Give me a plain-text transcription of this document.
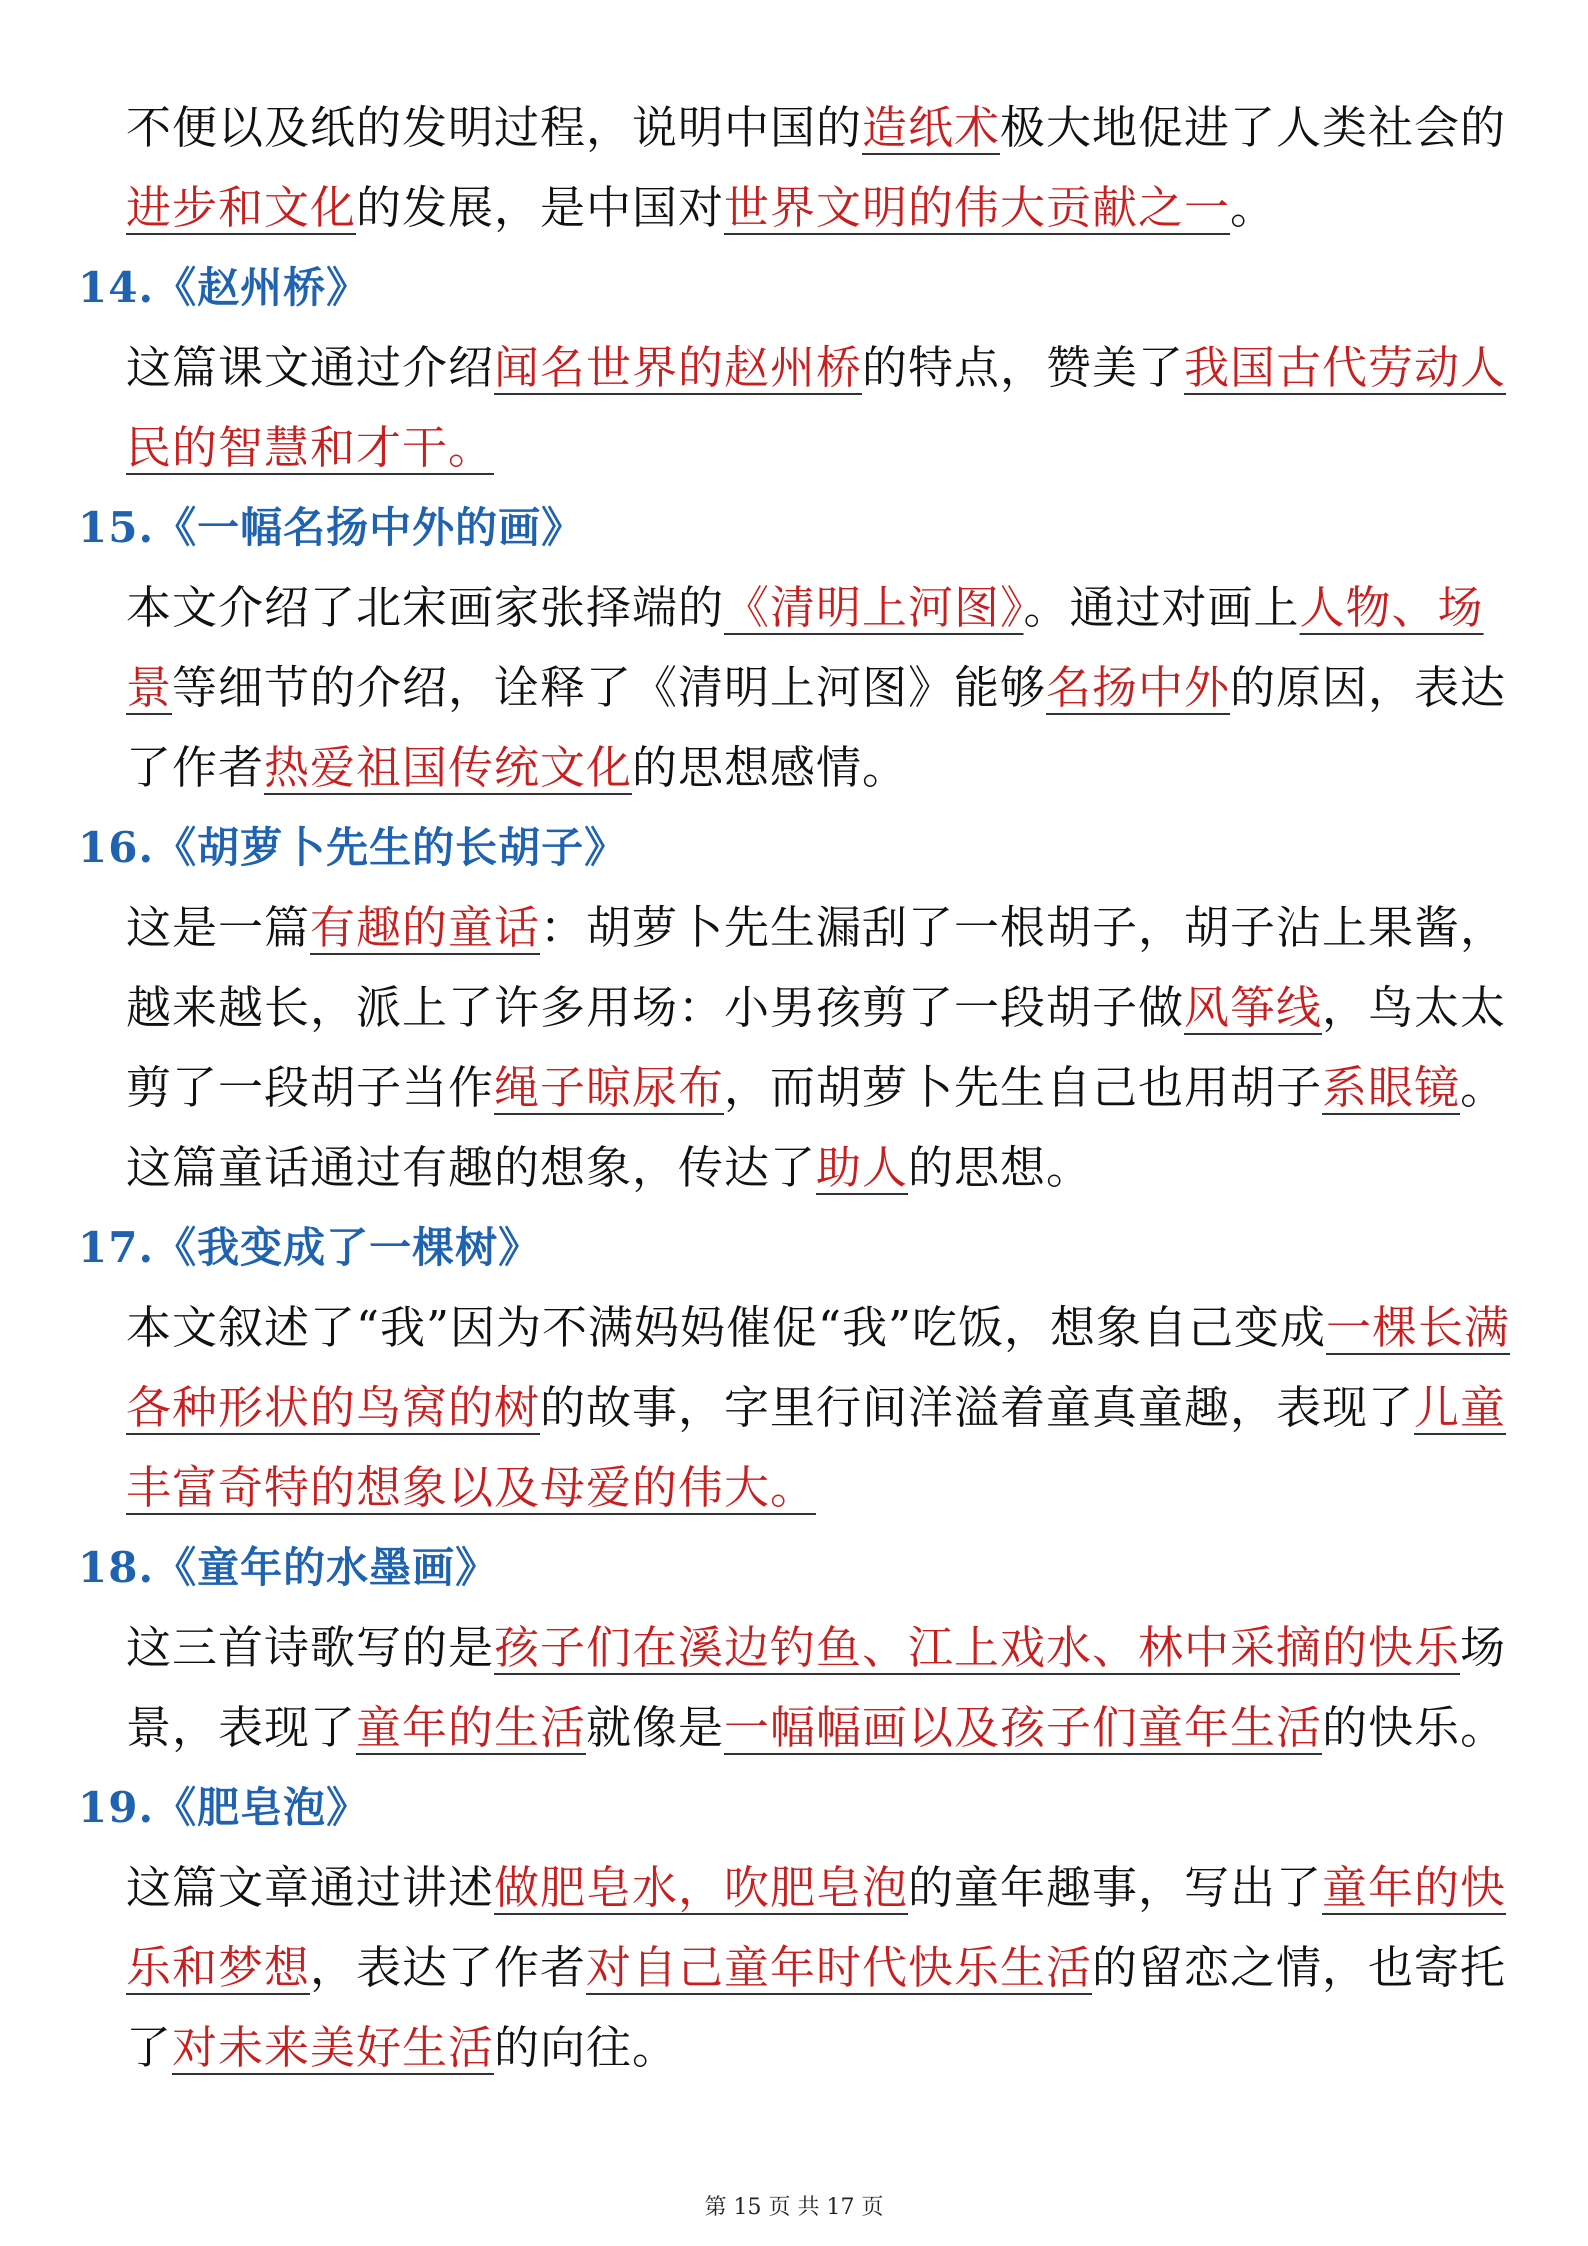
不便以及纸的发明过程，说明中国的造纸术极大地促进了人类社会的进步和文化的发展，是中国对世界文明的伟大贡献之一。

14.《赵州桥》

这篇课文通过介绍闻名世界的赵州桥的特点，赞美了我国古代劳动人民的智慧和才干。

15.《一幅名扬中外的画》

本文介绍了北宋画家张择端的《清明上河图》。通过对画上人物、场景等细节的介绍，诠释了《清明上河图》能够名扬中外的原因，表达了作者热爱祖国传统文化的思想感情。

16.《胡萝卜先生的长胡子》

这是一篇有趣的童话：胡萝卜先生漏刮了一根胡子，胡子沾上果酱，越来越长，派上了许多用场：小男孩剪了一段胡子做风筝线，鸟太太剪了一段胡子当作绳子晾尿布，而胡萝卜先生自己也用胡子系眼镜。这篇童话通过有趣的想象，传达了助人的思想。

17.《我变成了一棵树》

本文叙述了“我”因为不满妈妈催促“我”吃饭，想象自己变成一棵长满各种形状的鸟窝的树的故事，字里行间洋溢着童真童趣，表现了儿童丰富奇特的想象以及母爱的伟大。

18.《童年的水墨画》

这三首诗歌写的是孩子们在溪边钓鱼、江上戏水、林中采摘的快乐场景，表现了童年的生活就像是一幅幅画以及孩子们童年生活的快乐。

19.《肥皂泡》

这篇文章通过讲述做肥皂水，吹肥皂泡的童年趣事，写出了童年的快乐和梦想，表达了作者对自己童年时代快乐生活的留恋之情，也寄托了对未来美好生活的向往。

第 15 页 共 17 页
